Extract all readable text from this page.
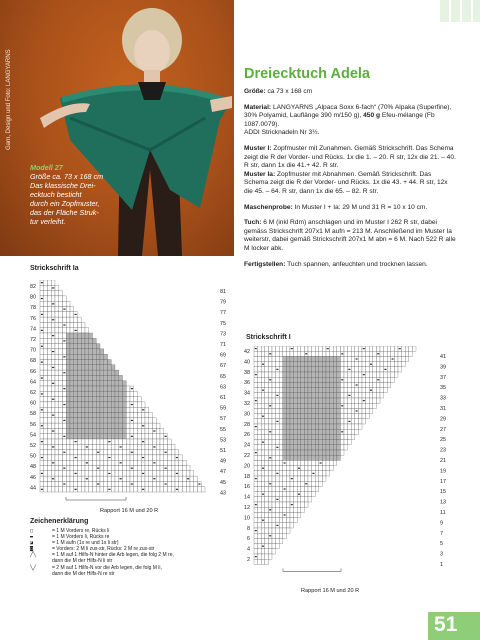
Garn, Design und Foto: LANGYARNS
Modell 27
Größe ca. 73 x 168 cm
Das klassische Drei-
ecktuch besticht
durch ein Zopfmuster,
das der Fläche Struk-
tur verleiht.
Dreiecktuch Adela

Größe: ca 73 x 168 cm

Material: LANGYARNS „Alpaca Soxx 6-fach“ (70% Alpaka (Superfine), 30% Polyamid, Lauflänge 390 m/150 g), 450 g Efeu-mélange (Fb 1087.0079).
ADDI Stricknadeln Nr 3½.

Muster I: Zopfmuster mit Zunahmen. Gemäß Strickschrift. Das Schema zeigt die R der Vorder- und Rücks. 1x die 1. – 20. R str, 12x die 21. – 40. R str, dann 1x die 41.+ 42. R str.
Muster Ia: Zopfmuster mit Abnahmen. Gemäß Strickschrift. Das Schema zeigt die R der Vorder- und Rücks. 1x die 43. + 44. R str, 12x die 45. – 64. R str, dann 1x die 65. – 82. R str.

Maschenprobe: In Muster I + Ia: 29 M und 31 R = 10 x 10 cm.

Tuch: 6 M (inkl Rdm) anschlagen und im Muster I 262 R str, dabei gemäss Strickschrift 207x1 M aufn = 213 M. Anschließend im Muster Ia weiterstr, dabei gemäß Strickschrift 207x1 M abn = 6 M. Nach 522 R alle M locker abk.

Fertigstellen: Tuch spannen, anfeuchten und trocknen lassen.

Strickschrift Ia
82
80
78
76
74
72
70
68
66
64
62
60
58
56
54
52
50
48
46
44
81
79
77
75
73
71
69
67
65
63
61
59
57
55
53
51
49
47
45
43
Rapport 16 M und 20 R
Strickschrift I
42
40
38
36
34
32
30
28
26
24
22
20
18
16
14
12
10
8
6
4
2
41
39
37
35
33
31
29
27
25
23
21
19
17
15
13
11
9
7
5
3
1
Rapport 16 M und 20 R
Zeichenerklärung
□	= 1 M Vorders re, Rücks li
▬	= 1 M Vorders li, Rücks re
◪	= 1 M aufn (1x re und 1x li str)
◙	= Vorders: 2 M li zus-str, Rücks: 2 M re zus-str
╱╲	= 1 M auf 1 Hilfs-N hinter die Arb legen, die folg 2 M re,
dann die M der Hilfs-N li str
╲╱	= 2 M auf 1 Hilfs-N vor die Arb legen, die folg M li,
dann die M der Hilfs-N re str
51
